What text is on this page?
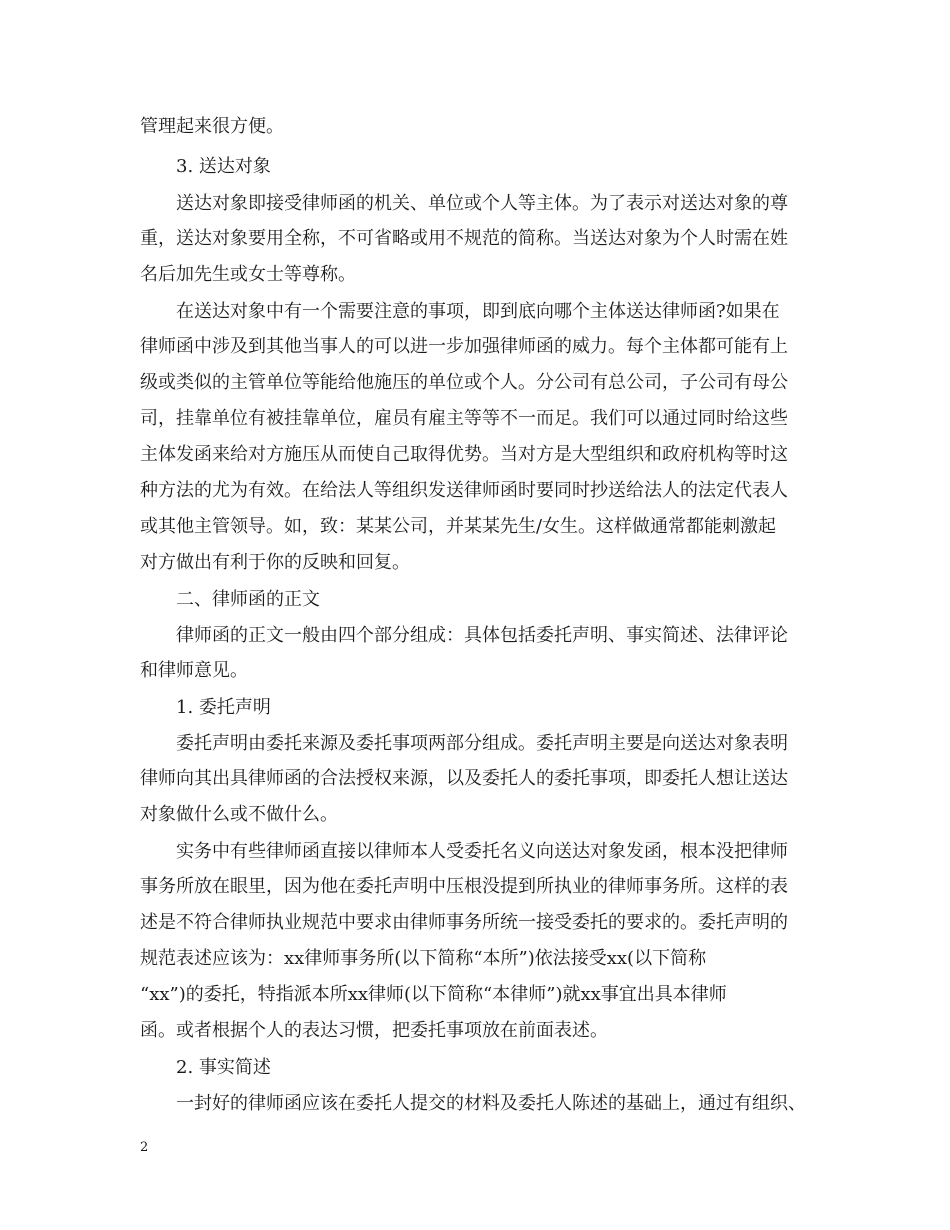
管理起来很方便。
3. 送达对象
送达对象即接受律师函的机关、单位或个人等主体。为了表示对送达对象的尊
重，送达对象要用全称，不可省略或用不规范的简称。当送达对象为个人时需在姓
名后加先生或女士等尊称。
在送达对象中有一个需要注意的事项，即到底向哪个主体送达律师函?如果在
律师函中涉及到其他当事人的可以进一步加强律师函的威力。每个主体都可能有上
级或类似的主管单位等能给他施压的单位或个人。分公司有总公司，子公司有母公
司，挂靠单位有被挂靠单位，雇员有雇主等等不一而足。我们可以通过同时给这些
主体发函来给对方施压从而使自己取得优势。当对方是大型组织和政府机构等时这
种方法的尤为有效。在给法人等组织发送律师函时要同时抄送给法人的法定代表人
或其他主管领导。如，致：某某公司，并某某先生/女生。这样做通常都能刺激起
对方做出有利于你的反映和回复。
二、律师函的正文
律师函的正文一般由四个部分组成：具体包括委托声明、事实简述、法律评论
和律师意见。
1. 委托声明
委托声明由委托来源及委托事项两部分组成。委托声明主要是向送达对象表明
律师向其出具律师函的合法授权来源，以及委托人的委托事项，即委托人想让送达
对象做什么或不做什么。
实务中有些律师函直接以律师本人受委托名义向送达对象发函，根本没把律师
事务所放在眼里，因为他在委托声明中压根没提到所执业的律师事务所。这样的表
述是不符合律师执业规范中要求由律师事务所统一接受委托的要求的。委托声明的
规范表述应该为：xx律师事务所(以下简称“本所”)依法接受xx(以下简称
“xx”)的委托，特指派本所xx律师(以下简称“本律师”)就xx事宜出具本律师
函。或者根据个人的表达习惯，把委托事项放在前面表述。
2. 事实简述
一封好的律师函应该在委托人提交的材料及委托人陈述的基础上，通过有组织、
2
